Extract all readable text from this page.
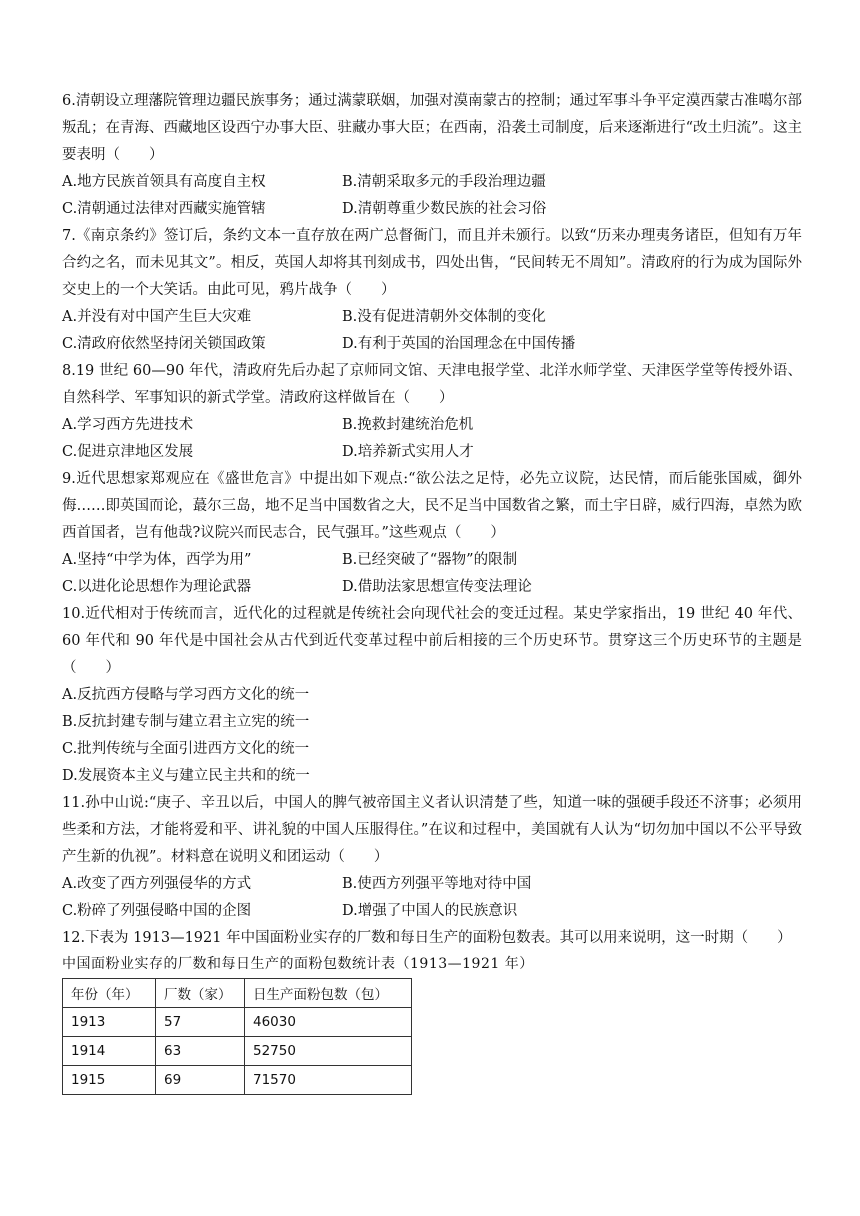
6.清朝设立理藩院管理边疆民族事务；通过满蒙联姻，加强对漠南蒙古的控制；通过军事斗争平定漠西蒙古准噶尔部叛乱；在青海、西藏地区设西宁办事大臣、驻藏办事大臣；在西南，沿袭土司制度，后来逐渐进行“改土归流”。这主要表明（　　）

A.地方民族首领具有高度自主权	B.清朝采取多元的手段治理边疆

C.清朝通过法律对西藏实施管辖	D.清朝尊重少数民族的社会习俗

7.《南京条约》签订后，条约文本一直存放在两广总督衙门，而且并未颁行。以致“历来办理夷务诸臣，但知有万年合约之名，而未见其文”。相反，英国人却将其刊刻成书，四处出售，“民间转无不周知”。清政府的行为成为国际外交史上的一个大笑话。由此可见，鸦片战争（　　）

A.并没有对中国产生巨大灾难	B.没有促进清朝外交体制的变化

C.清政府依然坚持闭关锁国政策	D.有利于英国的治国理念在中国传播

8.19 世纪 60—90 年代，清政府先后办起了京师同文馆、天津电报学堂、北洋水师学堂、天津医学堂等传授外语、自然科学、军事知识的新式学堂。清政府这样做旨在（　　）

A.学习西方先进技术	B.挽救封建统治危机

C.促进京津地区发展	D.培养新式实用人才

9.近代思想家郑观应在《盛世危言》中提出如下观点:“欲公法之足恃，必先立议院，达民情，而后能张国威，御外侮……即英国而论，蕞尔三岛，地不足当中国数省之大，民不足当中国数省之繁，而土宇日辟，威行四海，卓然为欧西首国者，岂有他哉?议院兴而民志合，民气强耳。”这些观点（　　）

A.坚持“中学为体，西学为用”	B.已经突破了“器物”的限制

C.以进化论思想作为理论武器	D.借助法家思想宣传变法理论

10.近代相对于传统而言，近代化的过程就是传统社会向现代社会的变迁过程。某史学家指出，19 世纪 40 年代、60 年代和 90 年代是中国社会从古代到近代变革过程中前后相接的三个历史环节。贯穿这三个历史环节的主题是（　　）

A.反抗西方侵略与学习西方文化的统一

B.反抗封建专制与建立君主立宪的统一

C.批判传统与全面引进西方文化的统一

D.发展资本主义与建立民主共和的统一

11.孙中山说:“庚子、辛丑以后，中国人的脾气被帝国主义者认识清楚了些，知道一味的强硬手段还不济事；必须用些柔和方法，才能将爱和平、讲礼貌的中国人压服得住。”在议和过程中，美国就有人认为“切勿加中国以不公平导致产生新的仇视”。材料意在说明义和团运动（　　）

A.改变了西方列强侵华的方式	B.使西方列强平等地对待中国

C.粉碎了列强侵略中国的企图	D.增强了中国人的民族意识

12.下表为 1913—1921 年中国面粉业实存的厂数和每日生产的面粉包数表。其可以用来说明，这一时期（　　）

中国面粉业实存的厂数和每日生产的面粉包数统计表（1913—1921 年）

年份（年）	厂数（家）	日生产面粉包数（包）
1913	57	46030
1914	63	52750
1915	69	71570
